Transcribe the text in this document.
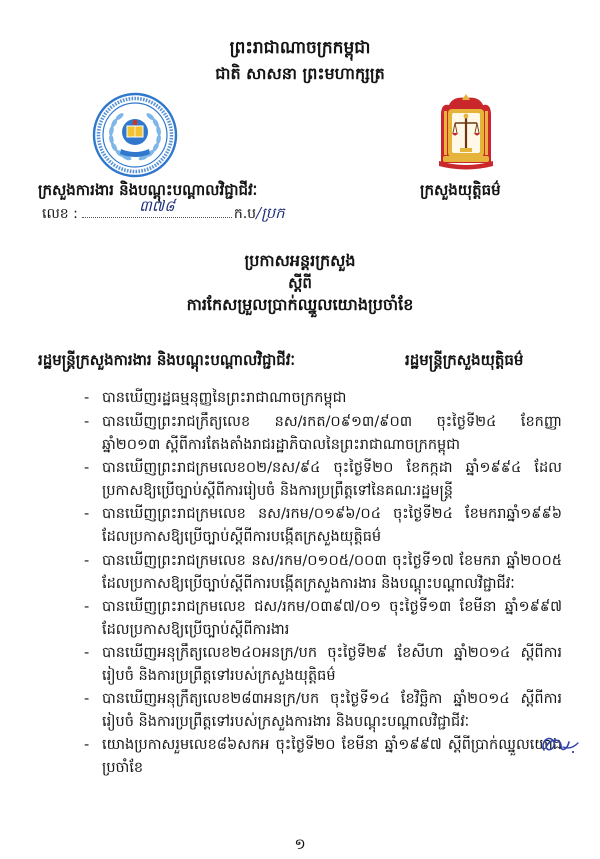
ព្រះរាជាណាចក្រកម្ពុជា
ជាតិ សាសនា ព្រះមហាក្សត្រ
ក្រសួងការងារ និងបណ្តុះបណ្តាលវិជ្ជាជីវៈ	ក្រសួងយុត្តិធម៌
លេខ :	៣៧៨	ក.ប/ប្រក
ប្រកាសអន្តរក្រសួង
ស្តីពី
ការកែសម្រួលប្រាក់ឈ្នួលយោងប្រចាំខែ
រដ្ឋមន្ត្រីក្រសួងការងារ និងបណ្តុះបណ្តាលវិជ្ជាជីវៈ	រដ្ឋមន្ត្រីក្រសួងយុត្តិធម៌
- បានឃើញរដ្ឋធម្មនុញ្ញនៃព្រះរាជាណាចក្រកម្ពុជា
- បានឃើញព្រះរាជក្រឹត្យលេខ នស/រកត/០៩១៣/៩០៣ ចុះថ្ងៃទី២៤ ខែកញ្ញា ឆ្នាំ២០១៣ ស្តីពីការតែងតាំងរាជរដ្ឋាភិបាលនៃព្រះរាជាណាចក្រកម្ពុជា
- បានឃើញព្រះរាជក្រមលេខ០២/នស/៩៤ ចុះថ្ងៃទី២០ ខែកក្កដា ឆ្នាំ១៩៩៤ ដែលប្រកាសឱ្យប្រើច្បាប់ស្តីពីការរៀបចំ និងការប្រព្រឹត្តទៅនៃគណៈរដ្ឋមន្ត្រី
- បានឃើញព្រះរាជក្រមលេខ នស/រកម/០១៩៦/០៤ ចុះថ្ងៃទី២៤ ខែមករាឆ្នាំ១៩៩៦ ដែលប្រកាសឱ្យប្រើច្បាប់ស្តីពីការបង្កើតក្រសួងយុត្តិធម៌
- បានឃើញព្រះរាជក្រមលេខ នស/រកម/០១០៥/០០៣ ចុះថ្ងៃទី១៧ ខែមករា ឆ្នាំ២០០៥ ដែលប្រកាសឱ្យប្រើច្បាប់ស្តីពីការបង្កើតក្រសួងការងារ និងបណ្តុះបណ្តាលវិជ្ជាជីវៈ
- បានឃើញព្រះរាជក្រមលេខ ជស/រកម/០៣៩៧/០១ ចុះថ្ងៃទី១៣ ខែមីនា ឆ្នាំ១៩៩៧ ដែលប្រកាសឱ្យប្រើច្បាប់ស្តីពីការងារ
- បានឃើញអនុក្រឹត្យលេខ២៤០អនក្រ/បក ចុះថ្ងៃទី២៩ ខែសីហា ឆ្នាំ២០១៤ ស្តីពីការរៀបចំ និងការប្រព្រឹត្តទៅរបស់ក្រសួងយុត្តិធម៌
- បានឃើញអនុក្រឹត្យលេខ២៨៣អនក្រ/បក ចុះថ្ងៃទី១៤ ខែវិច្ឆិកា ឆ្នាំ២០១៤ ស្តីពីការរៀបចំ និងការប្រព្រឹត្តទៅរបស់ក្រសួងការងារ និងបណ្តុះបណ្តាលវិជ្ជាជីវៈ
- យោងប្រកាសរួមលេខ៨៦សកអ ចុះថ្ងៃទី២០ ខែមីនា ឆ្នាំ១៩៩៧ ស្តីពីប្រាក់ឈ្នួលយោងប្រចាំខែ
១
